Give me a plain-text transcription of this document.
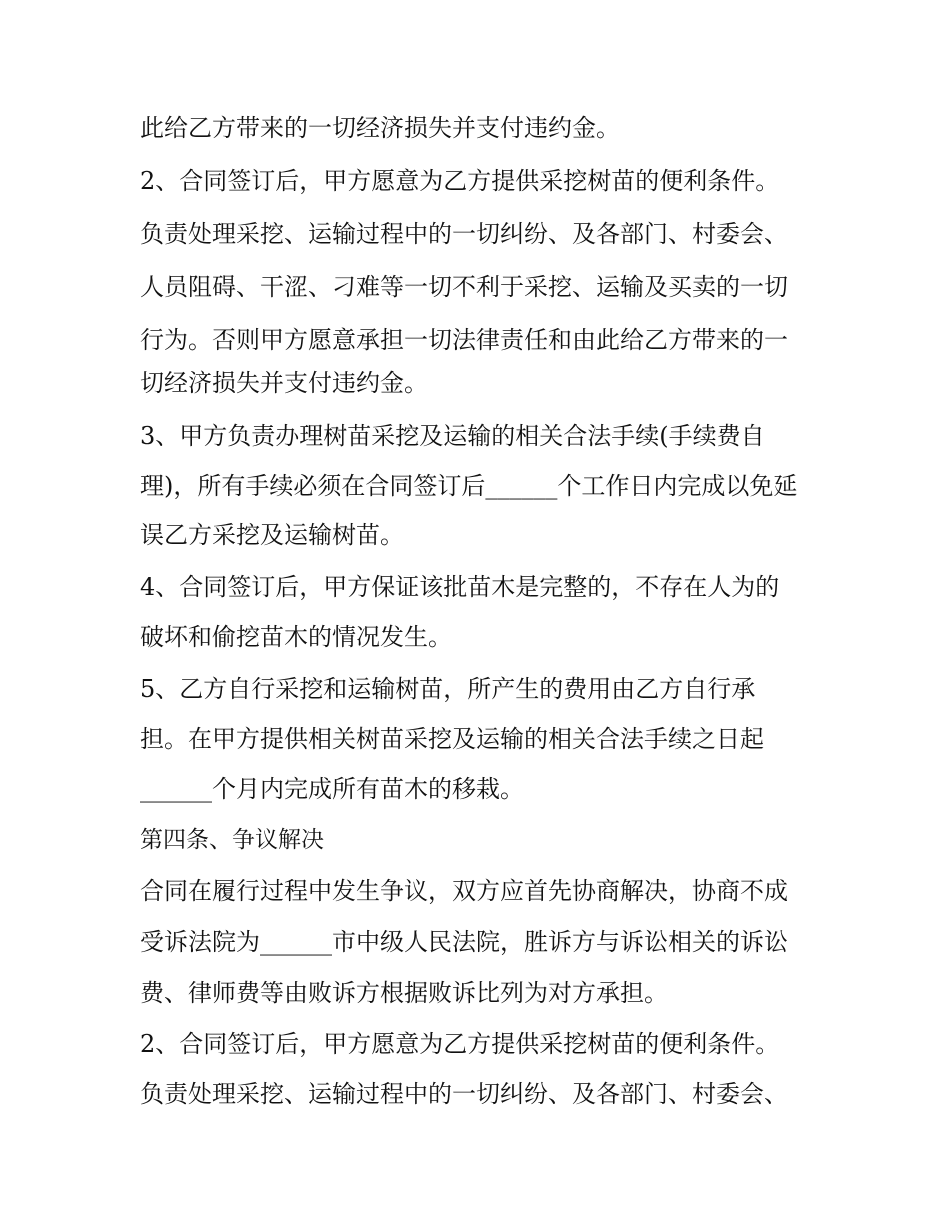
此给乙方带来的一切经济损失并支付违约金。
2、合同签订后，甲方愿意为乙方提供采挖树苗的便利条件。
负责处理采挖、运输过程中的一切纠纷、及各部门、村委会、
人员阻碍、干涩、刁难等一切不利于采挖、运输及买卖的一切
行为。否则甲方愿意承担一切法律责任和由此给乙方带来的一
切经济损失并支付违约金。
3、甲方负责办理树苗采挖及运输的相关合法手续(手续费自
理)，所有手续必须在合同签订后______个工作日内完成以免延
误乙方采挖及运输树苗。
4、合同签订后，甲方保证该批苗木是完整的，不存在人为的
破坏和偷挖苗木的情况发生。
5、乙方自行采挖和运输树苗，所产生的费用由乙方自行承
担。在甲方提供相关树苗采挖及运输的相关合法手续之日起
______个月内完成所有苗木的移栽。
第四条、争议解决
合同在履行过程中发生争议，双方应首先协商解决，协商不成
受诉法院为______市中级人民法院，胜诉方与诉讼相关的诉讼
费、律师费等由败诉方根据败诉比列为对方承担。
2、合同签订后，甲方愿意为乙方提供采挖树苗的便利条件。
负责处理采挖、运输过程中的一切纠纷、及各部门、村委会、
